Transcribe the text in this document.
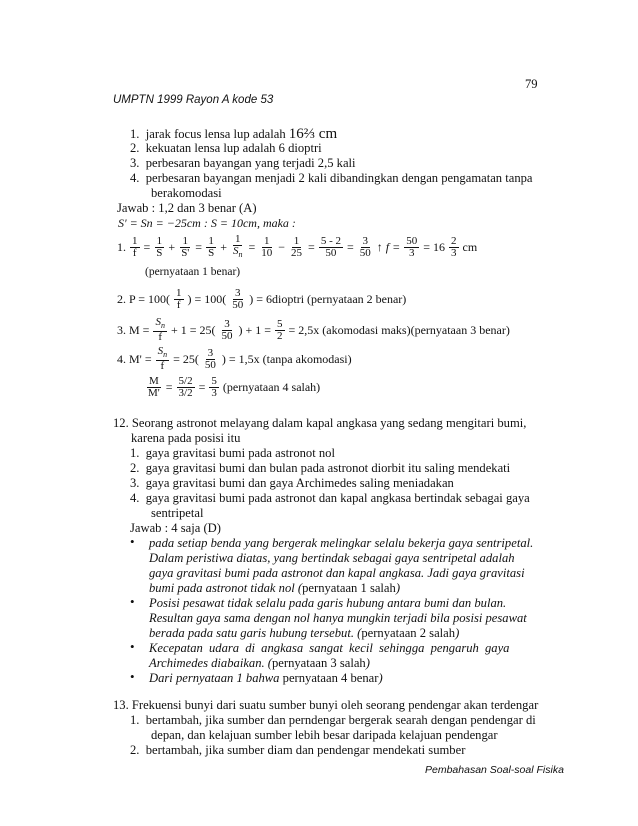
79
UMPTN 1999 Rayon A kode 53
1. jarak focus lensa lup adalah 16⅔ cm
2. kekuatan lensa lup adalah 6 dioptri
3. perbesaran bayangan yang terjadi 2,5 kali
4. perbesaran bayangan menjadi 2 kali dibandingkan dengan pengamatan tanpa
berakomodasi
Jawab : 1,2 dan 3 benar (A)
S' = Sn = −25cm : S = 10cm, maka :
1. $\frac{1}{f} = \frac{1}{S} + \frac{1}{S'} = \frac{1}{S} + \frac{1}{S_n} = \frac{1}{10} - \frac{1}{25} = \frac{5 - 2}{50} = \frac{3}{50}$ ↑ $f = \frac{50}{3} = 16 \frac{2}{3}$ cm
(pernyataan 1 benar)
2. $P = 100( \frac{1}{f}$ ) = $100( \frac{3}{50}$ ) = 6dioptri (pernyataan 2 benar)
3. $M = \frac{S_n}{f} + 1 = 25( \frac{3}{50}$ ) + $1 = \frac{5}{2} = 2,5x$ (akomodasi maks)(pernyataan 3 benar)
4. $M' = \frac{S_n}{f} = 25( \frac{3}{50}$ ) = 1,5x (tanpa akomodasi)
$\frac{M}{M'} = \frac{5/2}{3/2} = \frac{5}{3}$ (pernyataan 4 salah)
12. Seorang astronot melayang dalam kapal angkasa yang sedang mengitari bumi,
karena pada posisi itu
1. gaya gravitasi bumi pada astronot nol
2. gaya gravitasi bumi dan bulan pada astronot diorbit itu saling mendekati
3. gaya gravitasi bumi dan gaya Archimedes saling meniadakan
4. gaya gravitasi bumi pada astronot dan kapal angkasa bertindak sebagai gaya
sentripetal
Jawab : 4 saja (D)
• pada setiap benda yang bergerak melingkar selalu bekerja gaya sentripetal.
Dalam peristiwa diatas, yang bertindak sebagai gaya sentripetal adalah
gaya gravitasi bumi pada astronot dan kapal angkasa. Jadi gaya gravitasi
bumi pada astronot tidak nol (pernyataan 1 salah)
• Posisi pesawat tidak selalu pada garis hubung antara bumi dan bulan.
Resultan gaya sama dengan nol hanya mungkin terjadi bila posisi pesawat
berada pada satu garis hubung tersebut. (pernyataan 2 salah)
• Kecepatan udara di angkasa sangat kecil sehingga pengaruh gaya
Archimedes diabaikan. (pernyataan 3 salah)
• Dari pernyataan 1 bahwa pernyataan 4 benar)
13. Frekuensi bunyi dari suatu sumber bunyi oleh seorang pendengar akan terdengar
1. bertambah, jika sumber dan perndengar bergerak searah dengan pendengar di
depan, dan kelajuan sumber lebih besar daripada kelajuan pendengar
2. bertambah, jika sumber diam dan pendengar mendekati sumber
Pembahasan Soal-soal Fisika
